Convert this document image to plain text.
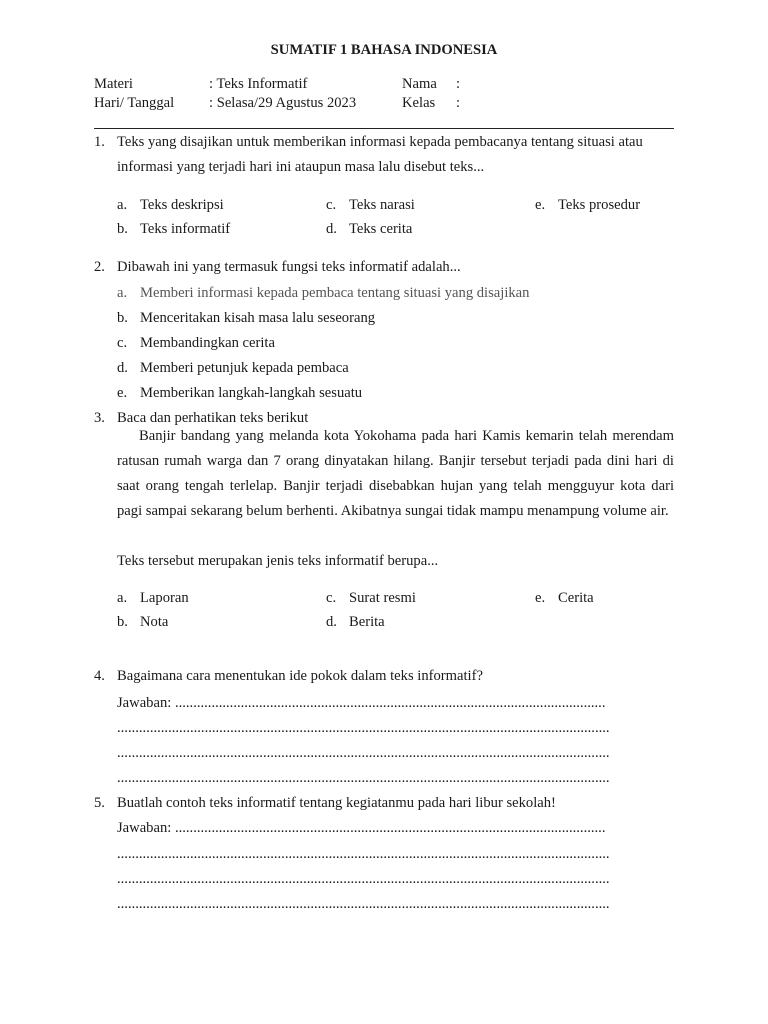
SUMATIF 1 BAHASA INDONESIA
Materi	: Teks Informatif	Nama :
Hari/ Tanggal : Selasa/29 Agustus 2023	Kelas :
1. Teks yang disajikan untuk memberikan informasi kepada pembacanya tentang situasi atau
informasi yang terjadi hari ini ataupun masa lalu disebut teks...
a. Teks deskripsi
b. Teks informatif
c. Teks narasi
d. Teks cerita
e. Teks prosedur
2. Dibawah ini yang termasuk fungsi teks informatif adalah...
a. Memberi informasi kepada pembaca tentang situasi yang disajikan
b. Menceritakan kisah masa lalu seseorang
c. Membandingkan cerita
d. Memberi petunjuk kepada pembaca
e. Memberikan langkah-langkah sesuatu
3. Baca dan perhatikan teks berikut
Banjir bandang yang melanda kota Yokohama pada hari Kamis kemarin telah merendam ratusan rumah warga dan 7 orang dinyatakan hilang. Banjir tersebut terjadi pada dini hari di saat orang tengah terlelap. Banjir terjadi disebabkan hujan yang telah mengguyur kota dari pagi sampai sekarang belum berhenti. Akibatnya sungai tidak mampu menampung volume air.
Teks tersebut merupakan jenis teks informatif berupa...
a. Laporan
b. Nota
c. Surat resmi
d. Berita
e. Cerita
4. Bagaimana cara menentukan ide pokok dalam teks informatif?
Jawaban: ......................................................................................................................
.......................................................................................................................................
.......................................................................................................................................
.......................................................................................................................................
5. Buatlah contoh teks informatif tentang kegiatanmu pada hari libur sekolah!
Jawaban: ......................................................................................................................
.......................................................................................................................................
.......................................................................................................................................
.......................................................................................................................................
